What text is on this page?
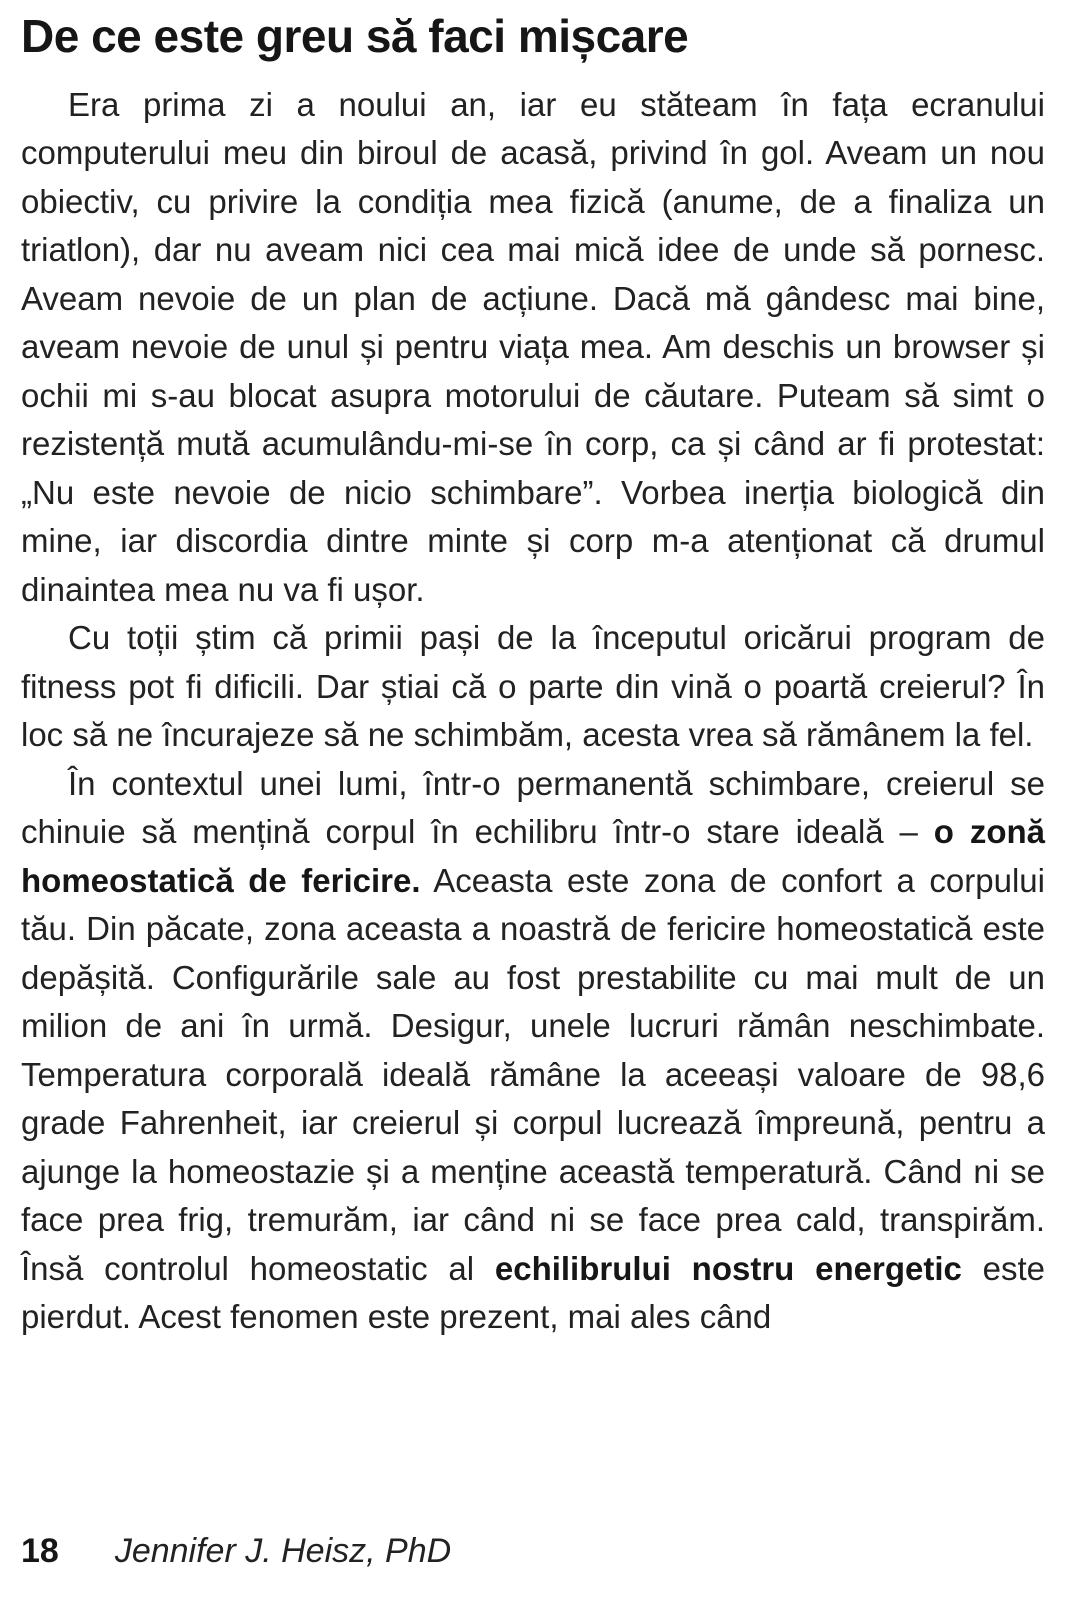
De ce este greu să faci mișcare

Era prima zi a noului an, iar eu stăteam în fața ecranului computerului meu din biroul de acasă, privind în gol. Aveam un nou obiectiv, cu privire la condiția mea fizică (anume, de a finaliza un triatlon), dar nu aveam nici cea mai mică idee de unde să pornesc. Aveam nevoie de un plan de acțiune. Dacă mă gândesc mai bine, aveam nevoie de unul și pentru viața mea. Am deschis un browser și ochii mi s-au blocat asupra motorului de căutare. Puteam să simt o rezistență mută acumulându-mi-se în corp, ca și când ar fi protestat: „Nu este nevoie de nicio schimbare”. Vorbea inerția biologică din mine, iar discordia dintre minte și corp m-a atenționat că drumul dinaintea mea nu va fi ușor.

Cu toții știm că primii pași de la începutul oricărui program de fitness pot fi dificili. Dar știai că o parte din vină o poartă creierul? În loc să ne încurajeze să ne schimbăm, acesta vrea să rămânem la fel.

În contextul unei lumi, într-o permanentă schimbare, creierul se chinuie să mențină corpul în echilibru într-o stare ideală – o zonă homeostatică de fericire. Aceasta este zona de confort a corpului tău. Din păcate, zona aceasta a noastră de fericire homeostatică este depășită. Configurările sale au fost prestabilite cu mai mult de un milion de ani în urmă. Desigur, unele lucruri rămân neschimbate. Temperatura corporală ideală rămâne la aceeași valoare de 98,6 grade Fahrenheit, iar creierul și corpul lucrează împreună, pentru a ajunge la homeostazie și a menține această temperatură. Când ni se face prea frig, tremurăm, iar când ni se face prea cald, transpirăm. Însă controlul homeostatic al echilibrului nostru energetic este pierdut. Acest fenomen este prezent, mai ales când

18 Jennifer J. Heisz, PhD
